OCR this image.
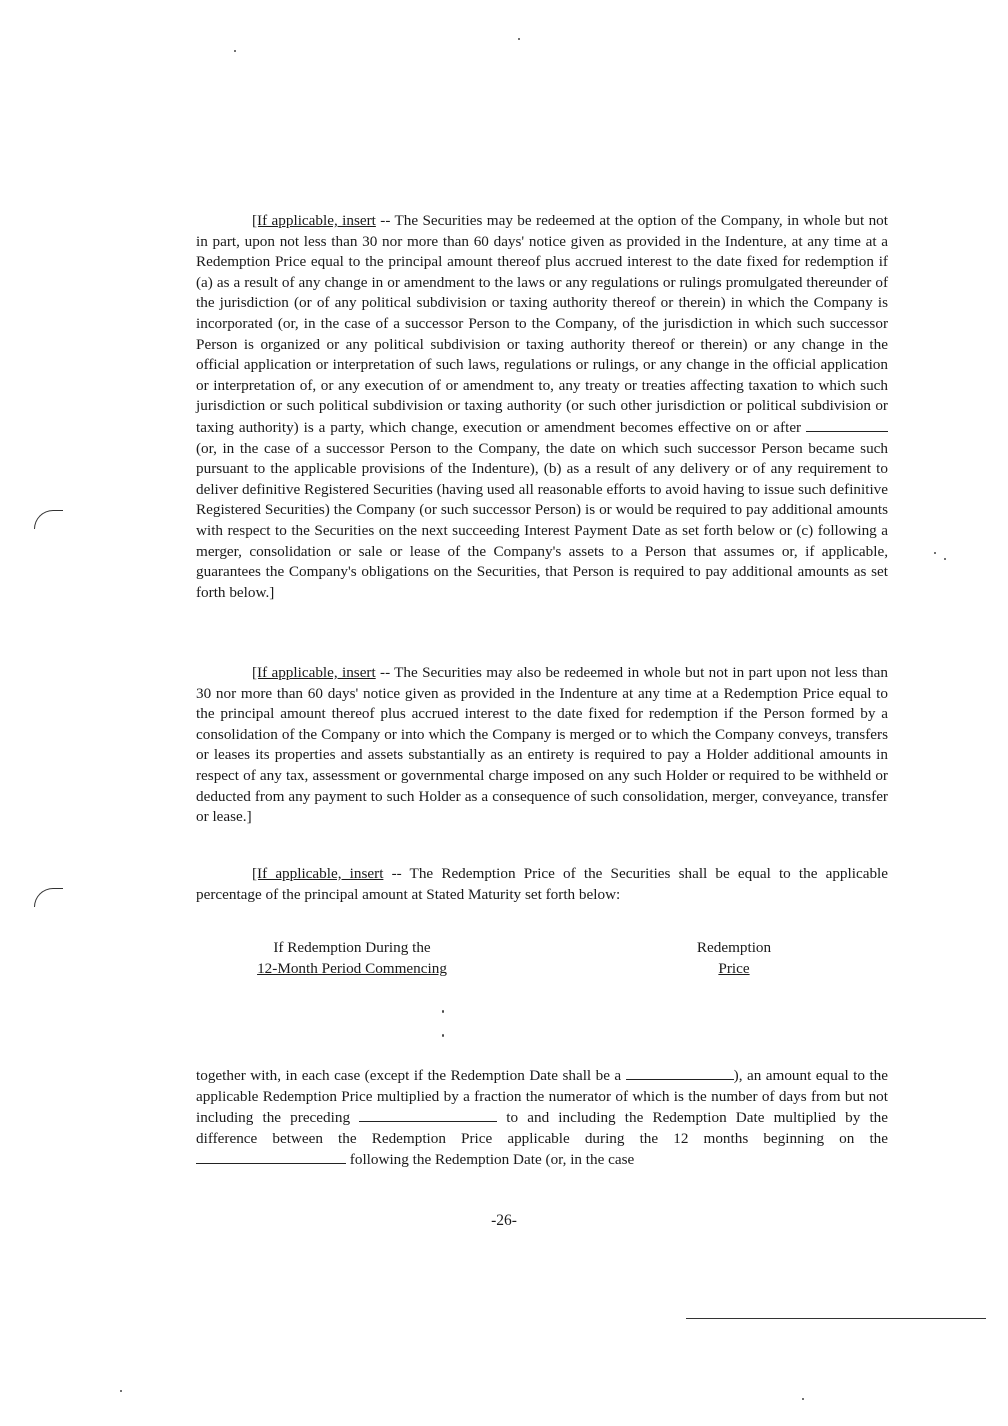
[If applicable, insert -- The Securities may be redeemed at the option of the Company, in whole but not in part, upon not less than 30 nor more than 60 days' notice given as provided in the Indenture, at any time at a Redemption Price equal to the principal amount thereof plus accrued interest to the date fixed for redemption if (a) as a result of any change in or amendment to the laws or any regulations or rulings promulgated thereunder of the jurisdiction (or of any political subdivision or taxing authority thereof or therein) in which the Company is incorporated (or, in the case of a successor Person to the Company, of the jurisdiction in which such successor Person is organized or any political subdivision or taxing authority thereof or therein) or any change in the official application or interpretation of such laws, regulations or rulings, or any change in the official application or interpretation of, or any execution of or amendment to, any treaty or treaties affecting taxation to which such jurisdiction or such political subdivision or taxing authority (or such other jurisdiction or political subdivision or taxing authority) is a party, which change, execution or amendment becomes effective on or after  (or, in the case of a successor Person to the Company, the date on which such successor Person became such pursuant to the applicable provisions of the Indenture), (b) as a result of any delivery or of any requirement to deliver definitive Registered Securities (having used all reasonable efforts to avoid having to issue such definitive Registered Securities) the Company (or such successor Person) is or would be required to pay additional amounts with respect to the Securities on the next succeeding Interest Payment Date as set forth below or (c) following a merger, consolidation or sale or lease of the Company's assets to a Person that assumes or, if applicable, guarantees the Company's obligations on the Securities, that Person is required to pay additional amounts as set forth below.]

[If applicable, insert -- The Securities may also be redeemed in whole but not in part upon not less than 30 nor more than 60 days' notice given as provided in the Indenture at any time at a Redemption Price equal to the principal amount thereof plus accrued interest to the date fixed for redemption if the Person formed by a consolidation of the Company or into which the Company is merged or to which the Company conveys, transfers or leases its properties and assets substantially as an entirety is required to pay a Holder additional amounts in respect of any tax, assessment or governmental charge imposed on any such Holder or required to be withheld or deducted from any payment to such Holder as a consequence of such consolidation, merger, conveyance, transfer or lease.]

[If applicable, insert -- The Redemption Price of the Securities shall be equal to the applicable percentage of the principal amount at Stated Maturity set forth below:

If Redemption During the
12-Month Period Commencing
Redemption
Price

together with, in each case (except if the Redemption Date shall be a	), an amount equal to the applicable Redemption Price multiplied by a fraction the numerator of which is the number of days from but not including the preceding	to and including the Redemption Date multiplied by the difference between the Redemption Price applicable during the 12 months beginning on the  following the Redemption Date (or, in the case

-26-
